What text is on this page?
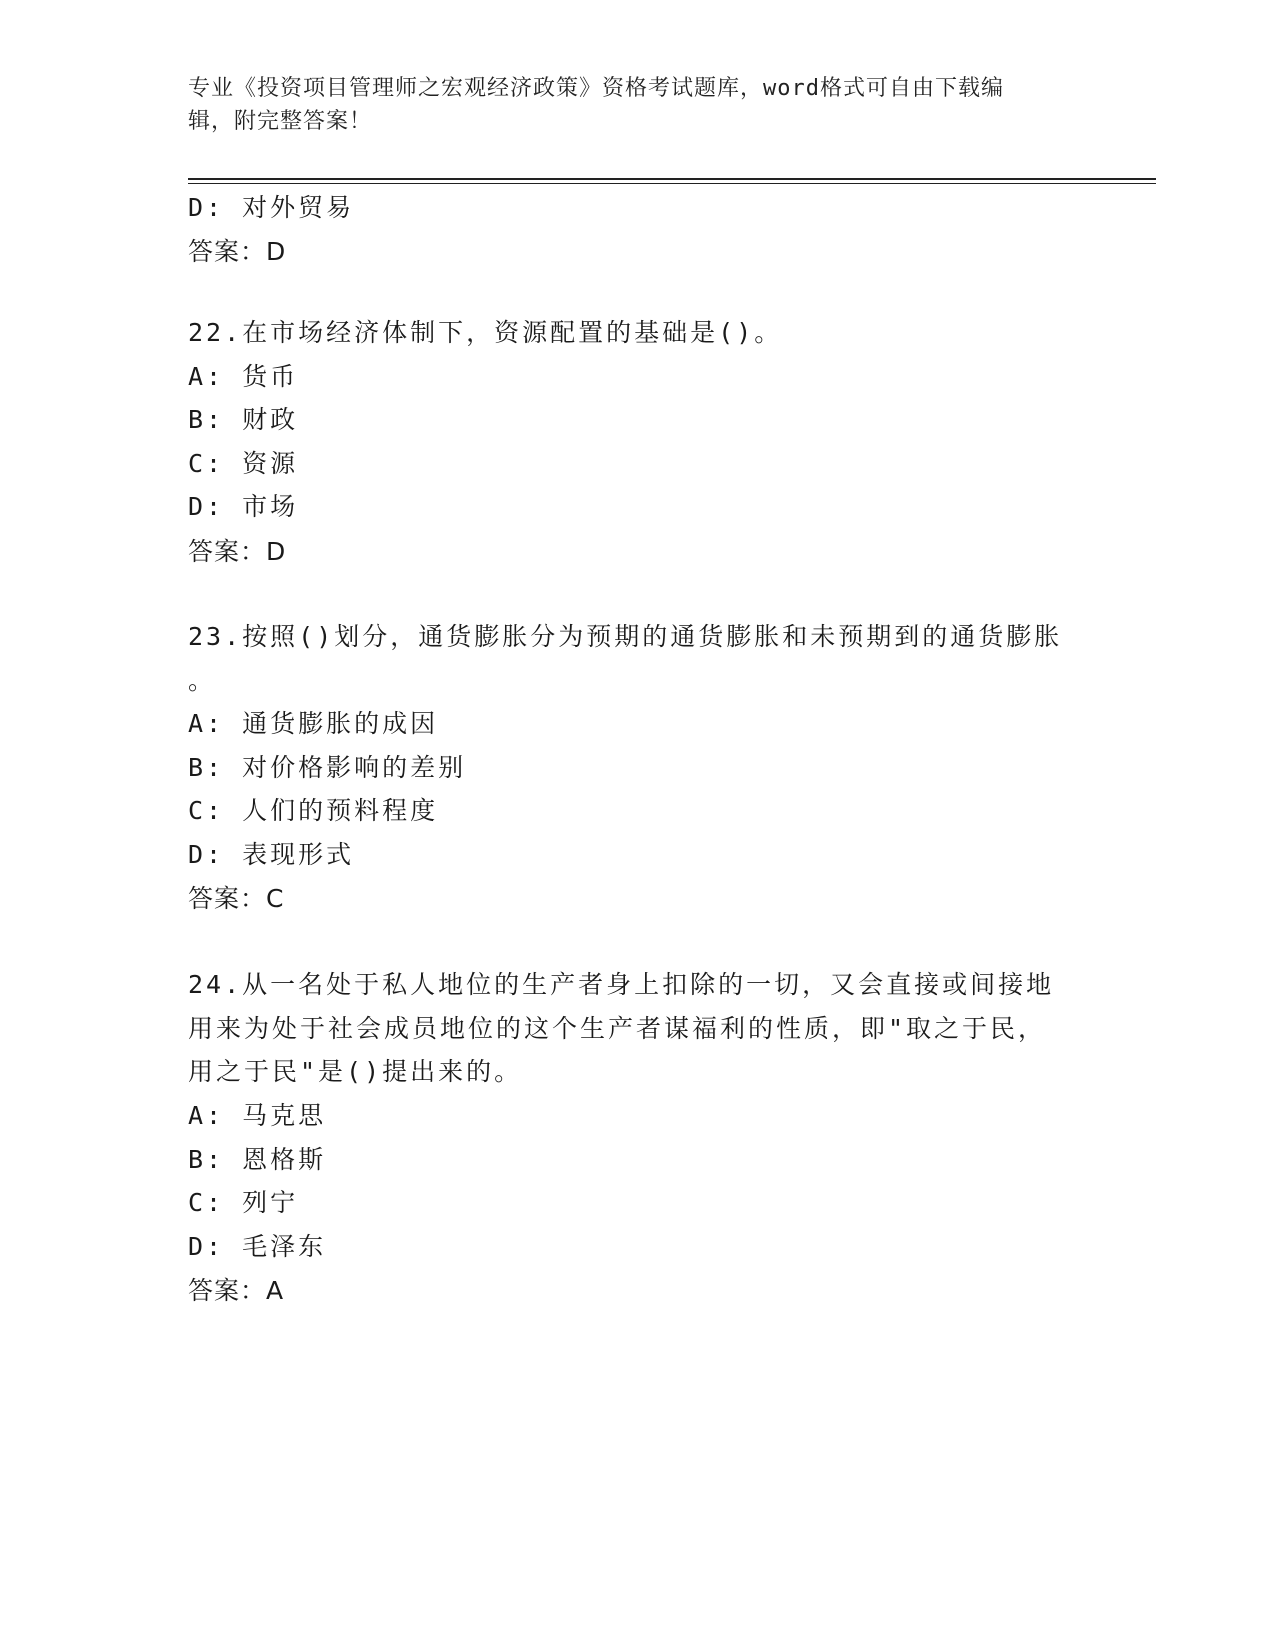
专业《投资项目管理师之宏观经济政策》资格考试题库，word格式可自由下载编
辑，附完整答案！
D: 对外贸易
答案：D
22.在市场经济体制下，资源配置的基础是()。
A: 货币
B: 财政
C: 资源
D: 市场
答案：D
23.按照()划分，通货膨胀分为预期的通货膨胀和未预期到的通货膨胀
。
A: 通货膨胀的成因
B: 对价格影响的差别
C: 人们的预料程度
D: 表现形式
答案：C
24.从一名处于私人地位的生产者身上扣除的一切，又会直接或间接地
用来为处于社会成员地位的这个生产者谋福利的性质，即"取之于民，
用之于民"是()提出来的。
A: 马克思
B: 恩格斯
C: 列宁
D: 毛泽东
答案：A
